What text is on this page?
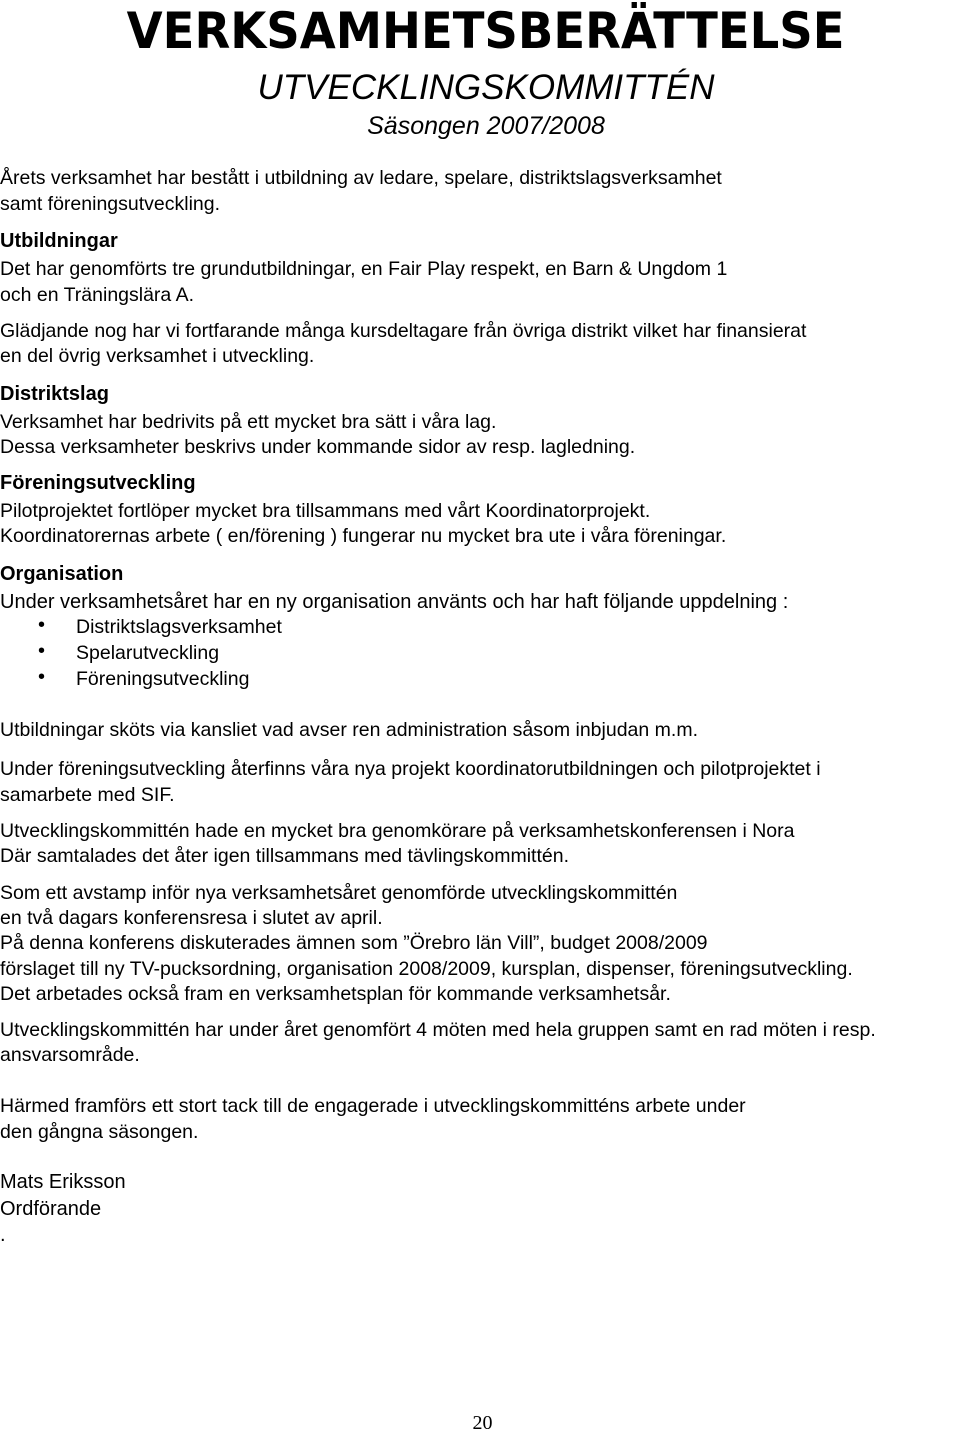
VERKSAMHETSBERÄTTELSE
UTVECKLINGSKOMMITTÉN
Säsongen 2007/2008
Årets verksamhet har bestått i utbildning av ledare, spelare, distriktslagsverksamhet
samt föreningsutveckling.
Utbildningar
Det har genomförts tre grundutbildningar, en Fair Play respekt, en Barn & Ungdom 1
och en Träningslära A.
Glädjande nog har vi fortfarande många kursdeltagare från övriga distrikt vilket har finansierat
en del övrig verksamhet i utveckling.
Distriktslag
Verksamhet har bedrivits på ett mycket bra sätt i våra lag.
Dessa verksamheter beskrivs under kommande sidor av resp. lagledning.
Föreningsutveckling
Pilotprojektet fortlöper mycket bra tillsammans med vårt Koordinatorprojekt.
Koordinatorernas arbete ( en/förening ) fungerar nu mycket bra ute i våra föreningar.
Organisation
Under verksamhetsåret har en ny organisation använts och har haft följande uppdelning :
• Distriktslagsverksamhet
• Spelarutveckling
• Föreningsutveckling
Utbildningar sköts via kansliet vad avser ren administration såsom inbjudan m.m.
Under föreningsutveckling återfinns våra nya projekt koordinatorutbildningen och pilotprojektet i
samarbete med SIF.
Utvecklingskommittén hade en mycket bra genomkörare på verksamhetskonferensen i Nora
Där samtalades det åter igen tillsammans med tävlingskommittén.
Som ett avstamp inför nya verksamhetsåret genomförde utvecklingskommittén
en två dagars konferensresa i slutet av april.
På denna konferens diskuterades ämnen som ”Örebro län Vill”, budget 2008/2009
förslaget till ny TV-pucksordning, organisation 2008/2009, kursplan, dispenser, föreningsutveckling.
Det arbetades också fram en verksamhetsplan för kommande verksamhetsår.
Utvecklingskommittén har under året genomfört 4 möten med hela gruppen samt en rad möten i resp.
ansvarsområde.
Härmed framförs ett stort tack till de engagerade i utvecklingskommitténs arbete under
den gångna säsongen.
Mats Eriksson
Ordförande
.
20
